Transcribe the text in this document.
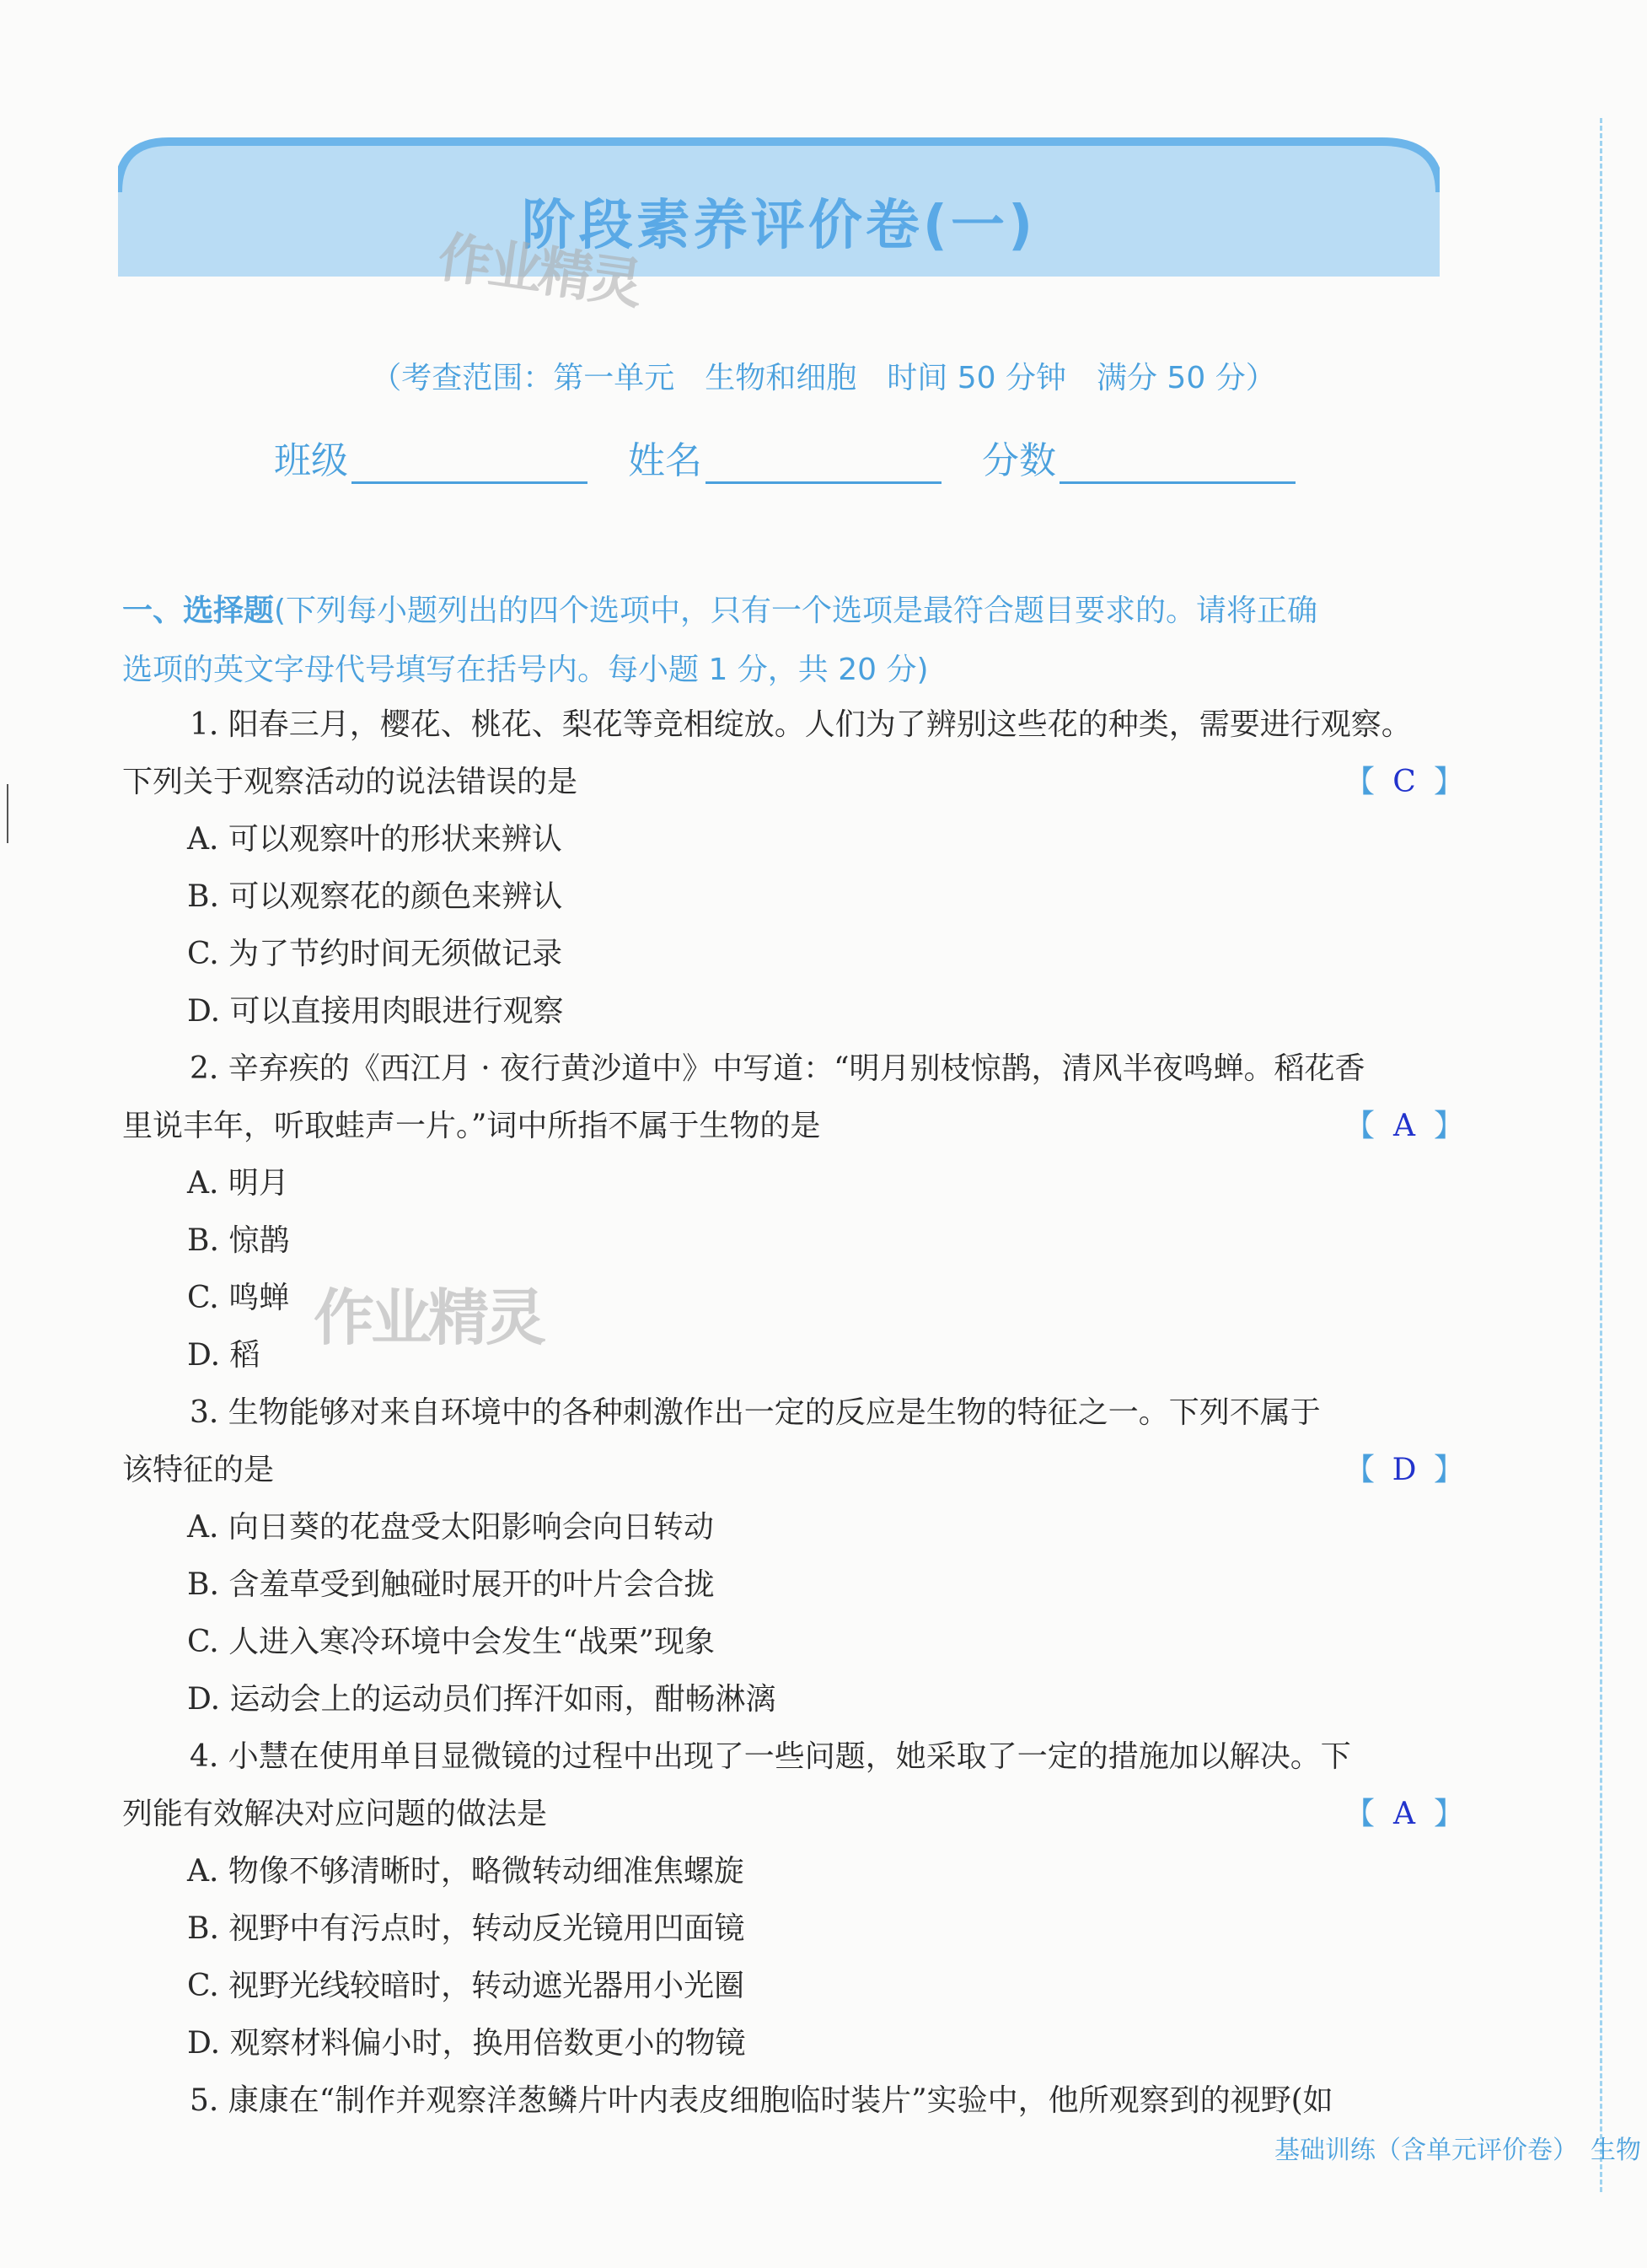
阶段素养评价卷(一)
作业精灵
（考查范围：第一单元　生物和细胞　时间 50 分钟　满分 50 分）
班级	姓名	分数
一、选择题(下列每小题列出的四个选项中，只有一个选项是最符合题目要求的。请将正确
选项的英文字母代号填写在括号内。每小题 1 分，共 20 分)
1. 阳春三月，樱花、桃花、梨花等竞相绽放。人们为了辨别这些花的种类，需要进行观察。
下列关于观察活动的说法错误的是	【 C 】
A. 可以观察叶的形状来辨认
B. 可以观察花的颜色来辨认
C. 为了节约时间无须做记录
D. 可以直接用肉眼进行观察
2. 辛弃疾的《西江月 · 夜行黄沙道中》中写道：“明月别枝惊鹊，清风半夜鸣蝉。稻花香
里说丰年，听取蛙声一片。”词中所指不属于生物的是	【 A 】
A. 明月
B. 惊鹊
C. 鸣蝉
D. 稻
作业精灵
3. 生物能够对来自环境中的各种刺激作出一定的反应是生物的特征之一。下列不属于
该特征的是	【 D 】
A. 向日葵的花盘受太阳影响会向日转动
B. 含羞草受到触碰时展开的叶片会合拢
C. 人进入寒冷环境中会发生“战栗”现象
D. 运动会上的运动员们挥汗如雨，酣畅淋漓
4. 小慧在使用单目显微镜的过程中出现了一些问题，她采取了一定的措施加以解决。下
列能有效解决对应问题的做法是	【 A 】
A. 物像不够清晰时，略微转动细准焦螺旋
B. 视野中有污点时，转动反光镜用凹面镜
C. 视野光线较暗时，转动遮光器用小光圈
D. 观察材料偏小时，换用倍数更小的物镜
5. 康康在“制作并观察洋葱鳞片叶内表皮细胞临时装片”实验中，他所观察到的视野(如
基础训练（含单元评价卷）　生物
